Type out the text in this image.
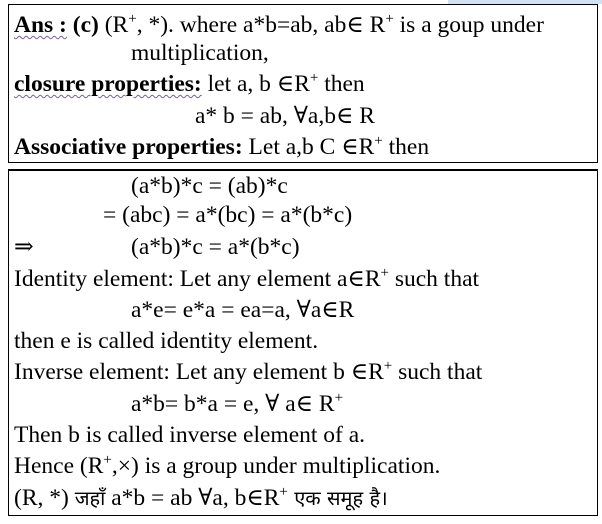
Ans : (c) (R+, *). where a*b=ab, ab∈ R+ is a goup under
multiplication,
closure properties: let a, b ∈R+ then
a* b = ab, ∀a,b∈ R
Associative properties: Let a,b C ∈R+ then
(a*b)*c = (ab)*c
= (abc) = a*(bc) = a*(b*c)
⇒	(a*b)*c = a*(b*c)
Identity element: Let any element a∈R+ such that
a*e= e*a = ea=a, ∀a∈R
then e is called identity element.
Inverse element: Let any element b ∈R+ such that
a*b= b*a = e, ∀ a∈ R+
Then b is called inverse element of a.
Hence (R+,×) is a group under multiplication.
(R, *) जहाँ a*b = ab ∀a, b∈R+ एक समूह है।
